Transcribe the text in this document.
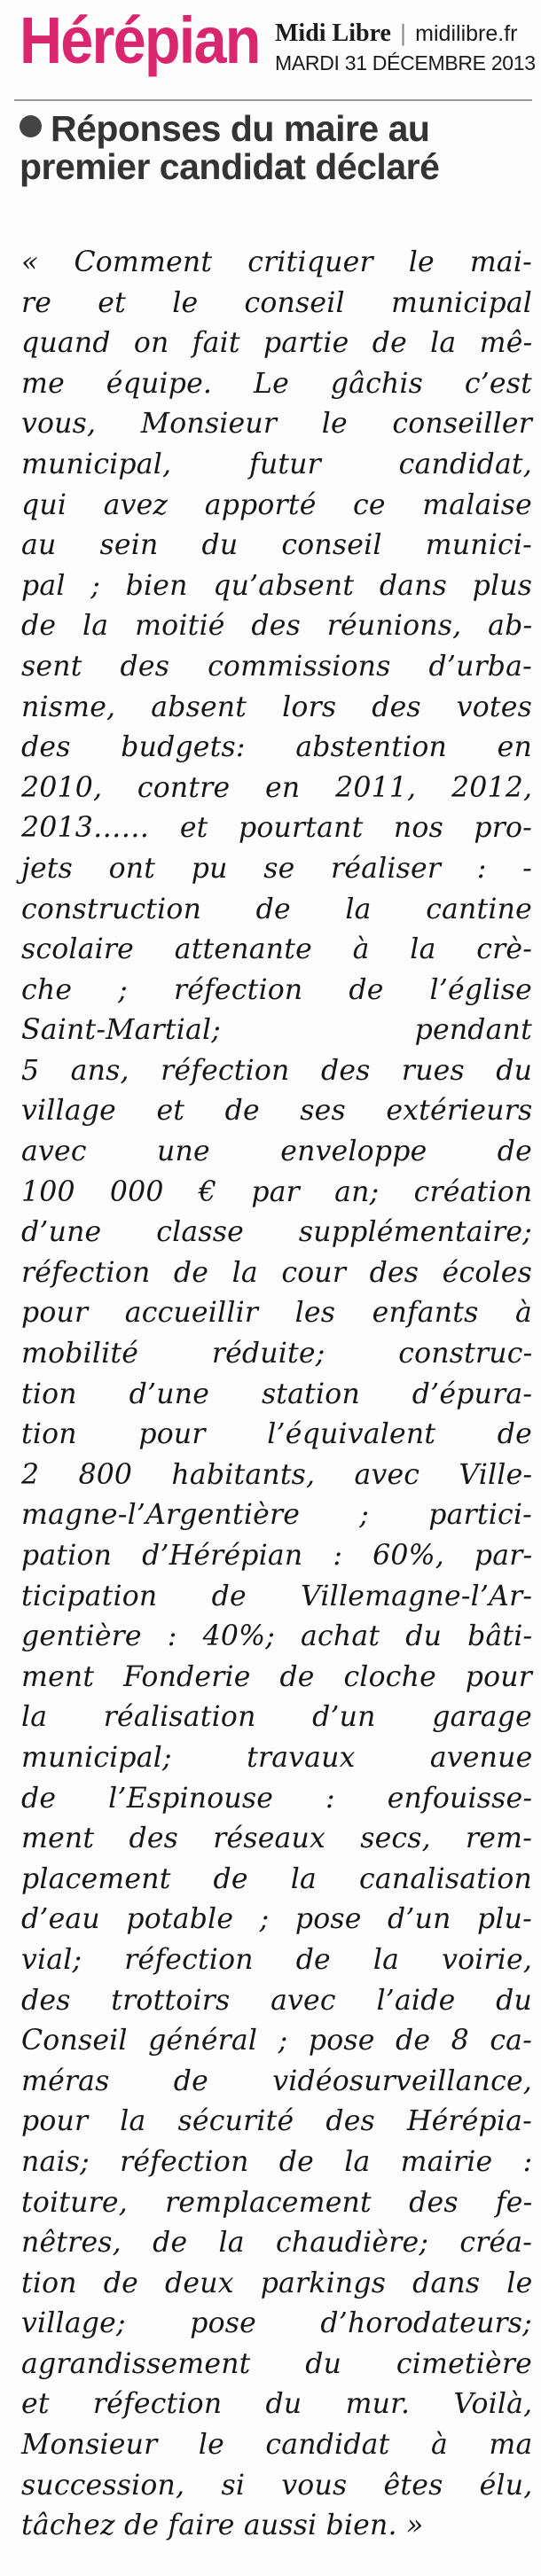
Hérépian Midi Libre | midilibre.fr
MARDI 31 DÉCEMBRE 2013
Réponses du maire au premier candidat déclaré
« Comment critiquer le mai-
re et le conseil municipal
quand on fait partie de la mê-
me équipe. Le gâchis c’est
vous, Monsieur le conseiller
municipal, futur candidat,
qui avez apporté ce malaise
au sein du conseil munici-
pal ; bien qu’absent dans plus
de la moitié des réunions, ab-
sent des commissions d’urba-
nisme, absent lors des votes
des budgets: abstention en
2010, contre en 2011, 2012,
2013…… et pourtant nos pro-
jets ont pu se réaliser : -
construction de la cantine
scolaire attenante à la crè-
che ; réfection de l’église
Saint-Martial; pendant
5 ans, réfection des rues du
village et de ses extérieurs
avec une enveloppe de
100 000 € par an; création
d’une classe supplémentaire;
réfection de la cour des écoles
pour accueillir les enfants à
mobilité réduite; construc-
tion d’une station d’épura-
tion pour l’équivalent de
2 800 habitants, avec Ville-
magne-l’Argentière ; partici-
pation d’Hérépian : 60%, par-
ticipation de Villemagne-l’Ar-
gentière : 40%; achat du bâti-
ment Fonderie de cloche pour
la réalisation d’un garage
municipal; travaux avenue
de l’Espinouse : enfouisse-
ment des réseaux secs, rem-
placement de la canalisation
d’eau potable ; pose d’un plu-
vial; réfection de la voirie,
des trottoirs avec l’aide du
Conseil général ; pose de 8 ca-
méras de vidéosurveillance,
pour la sécurité des Hérépia-
nais; réfection de la mairie :
toiture, remplacement des fe-
nêtres, de la chaudière; créa-
tion de deux parkings dans le
village; pose d’horodateurs;
agrandissement du cimetière
et réfection du mur. Voilà,
Monsieur le candidat à ma
succession, si vous êtes élu,
tâchez de faire aussi bien. »
